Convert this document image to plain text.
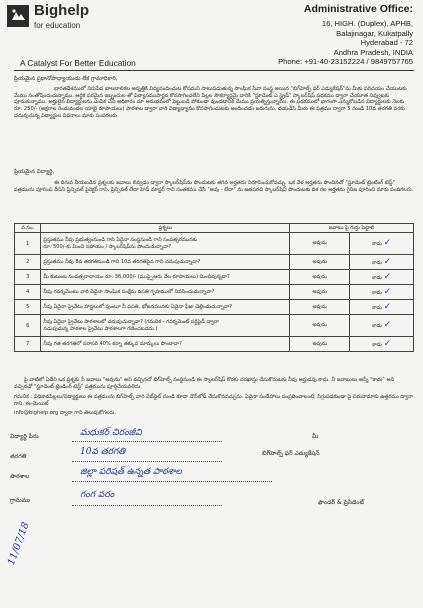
Bighelp
for education
Administrative Office:
16, HIGH. (Duplex), APHB,
Balajinagar, Kukatpally
Hyderabad - 72
Andhra Pradesh, INDIA
Phone: +91-40-23152224 / 9849757765
A Catalyst For Better Education
ప్రియమైన ప్రధానోపాధ్యాయుడు లేక గ్రామాధికారి,
భారతదేశములో నిరుపేద బాలబాలికల అన్నత్తికి విద్యనందించుట కోసమని సాటుపడుతున్న సాంఘిక సేవా సంస్థ అయిన "బిగ్‌హెల్ప్ ఫర్ ఎడ్యుకేషన్"ను మీకు పరిచయం చేయుటకు మేము సంతోషించుచున్నాము. ఆర్థిక పరమైన ఇబ్బందుల తో విద్యాసముపార్జన కొనసాగించలేని పిల్లల సౌకర్యార్థమై వారికి "స్టూడెంట్ ఎ స్ట్రైడ్" స్కాలర్‌షిప్ పథకము ద్వారా చేయూత నివ్వుటకు పూనుకున్నాము. అర్హులైన విద్యార్థులను ఎంపిక చేసే అధికారం మా అనుభవంలో పెట్టుబడి పోకుండా వుండటానికి మేము ప్రయత్నిస్తున్నాము. ఈ పథకములో భాగంగా ఎన్నుకోబడిన విద్యార్థులకు నెలకు రూ. 250/- (అక్షరాల రెండువందల యాభై రూపాయలు) పాఠశాల ద్వారా వారి విద్యాభ్యాసం కొనసాగించుటకు అందించడం జరుగును. దయచేసి మీరు ఈ పత్రము ద్వారా 5 నుండి 10వ తరగతి వరకు చదువుచున్న విద్యార్థుల వివరాలు మాకు పంపగలరు.
ప్రియమైన విద్యార్థి,
ఈ దిగువ నీయబడిన ప్రశ్నలకు జవాబు లివ్వడం ద్వారా స్కాలర్‌షిప్‌ను పొందుటకు తగిన అర్హతను నిరూపించుకోవచ్చు. ఒక వేళ అర్హతను పొందినచో "స్టూడెంట్ ట్రెంటింగ్ టెస్ట్" పత్రమును పూరించి దీనిని ప్రిన్సిపల్ పైరెక్టర్ గాని, ప్రిన్సిపల్ లేదా హెడ్ మాస్టర్ గాని సంతకము చేసి "అవు - లేదా" ను జతపరచి స్కాలర్‌షిప్ పొందుటకు దిశ గల అర్హతను గైనిజ పూరించి మాకు పంపగలరు.
వ.సం.	ప్రశ్నలు	జవాబు పై గుర్తు పెట్టాలి	
1	ప్రస్తుతము నీవు ప్రభుత్వంనుండి గాని ఏదైనా సంస్థనుండి గాని సంవత్సరమునకు
రూ. 500/-కు మించి సహాయం / స్కాలర్‌షిప్‌ను పొందుచున్నావా?	అవును	కాదు ✓
2	ప్రస్తుతము నీవు 8వ తరగతినుండి గాని 10వ తరగతిపైన గాని చదువుచున్నావా?	అవును	కాదు ✓
3	మీ కుటుంబ సంవత్సరాదాయం రూ. 36,000/- (ముప్పైఆరు వేల రూపాయలు) మించివున్నదా?	అవును	కాదు ✓
4	నీవు గవర్నమెంటు వారి ఏదైనా సాంఘిక సంక్షేమ వసతి గృహములో నివసించుచున్నావా?	అవును	కాదు ✓
5	నీవు ఏదైనా ప్రైవేటు హాస్టలులో వుంటూ నీ వసతి, భోజనమునకు ఏదైనా ఫీజు చెల్లించుచున్నావా?	అవును	కాదు ✓
6	నీవు ఏదైనా ప్రైవేటు పాఠశాలలో చదువుచున్నావా? (గమనిక - గవర్నమెంట్ సర్టిఫైడ్ ద్వారా
నడుపుచున్న పాఠశాల ప్రైవేటు పాఠశాలగా గణించబడదు.)	అవును	కాదు ✓
7	నీవు గత తరగతిలో సరాసరి 40% కన్నా తక్కువ మార్కులు పొందావా?	అవును	కాదు ✓
పై వాటిలో ఏదేని ఒక ప్రశ్నకు నీ జవాబు "అవును" అని వచ్చినచో బిగ్‌హెల్ప్ సంస్థనుండి ఈ స్కాలర్‌షిప్ కొరకు దరఖాస్తు చేసుకొనుటకు నీవు అర్హుడవు కాదు. నీ జవాబులు అన్నీ "కాదు" అని వచ్చినచో "స్టూడెంట్ ట్రెండింగ్ టెస్ట్" పత్రమును పూర్తిచేయవలెను.
గమనిక : విధికానపిల్లలు/విద్యార్థులు ఈ పత్రమును బిగ్‌హెల్ప్ వారి వెబ్‌సైట్ నుండి కూడా డౌన్‌లోడ్ చేసుకొనవచ్చును. ఏదైనా సందేహాలు సంప్రదించాలంటే, సిగ్గుపడకుండా పై చిరునామాకు ఉత్తరము ద్వారా గాని, ఈ-మెయిల్
info@bighelp.org ద్వారా గాని తెలుపుకోగలరు.
విద్యార్థి పేరు	మధుకర్ చిరంజీవి
తరగతి	10వ తరగతి
పాఠశాల	జిల్లా పరిషత్ ఉన్నత పాఠశాల
గ్రామము
గంగ వరం
మీ
బిగ్‌హెల్ప్ ఫర్ ఎడ్యుకేషన్
ఫౌండర్ & ప్రెసిడెంట్
11/07/18
